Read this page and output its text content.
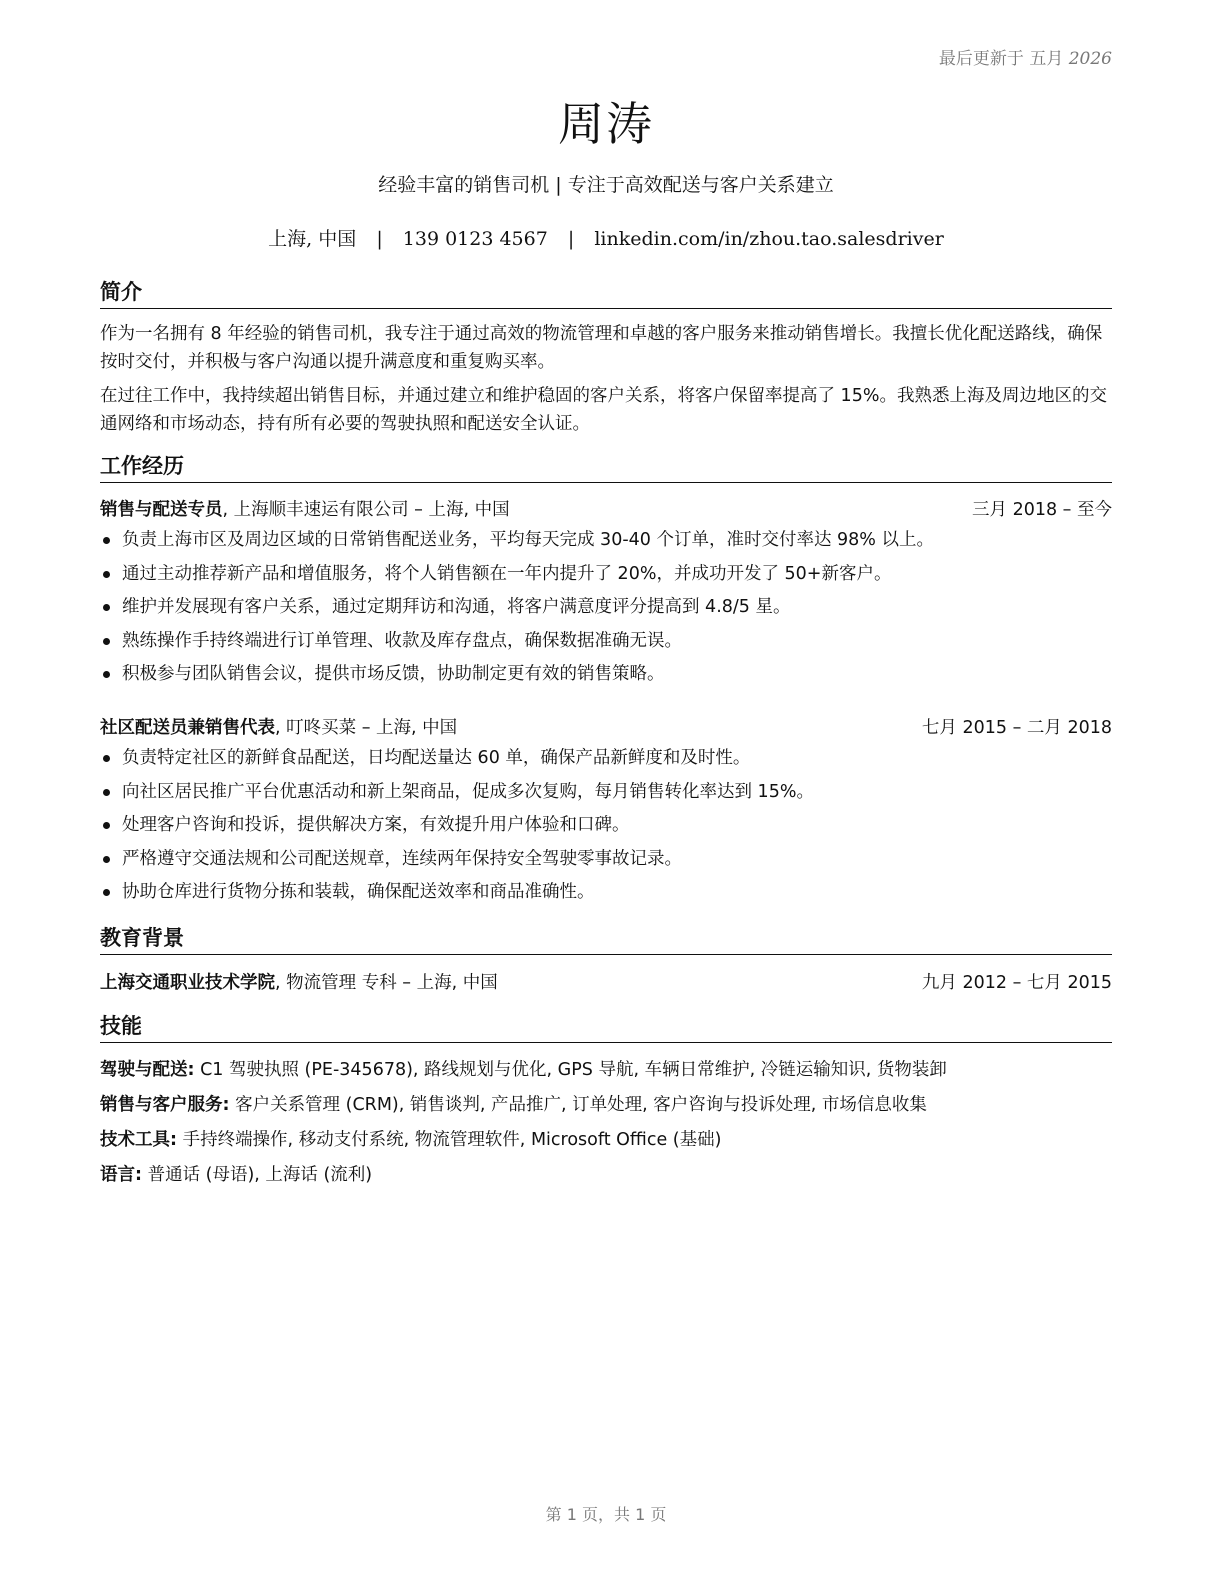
最后更新于 五月 2026
周涛
经验丰富的销售司机 | 专注于高效配送与客户关系建立
上海, 中国 | 139 0123 4567 | linkedin.com/in/zhou.tao.salesdriver
简介
作为一名拥有 8 年经验的销售司机，我专注于通过高效的物流管理和卓越的客户服务来推动销售增长。我擅长优化配送路线，确保按时交付，并积极与客户沟通以提升满意度和重复购买率。
在过往工作中，我持续超出销售目标，并通过建立和维护稳固的客户关系，将客户保留率提高了 15%。我熟悉上海及周边地区的交通网络和市场动态，持有所有必要的驾驶执照和配送安全认证。
工作经历
销售与配送专员, 上海顺丰速运有限公司 – 上海, 中国	三月 2018 – 至今
负责上海市区及周边区域的日常销售配送业务，平均每天完成 30-40 个订单，准时交付率达 98% 以上。
通过主动推荐新产品和增值服务，将个人销售额在一年内提升了 20%，并成功开发了 50+新客户。
维护并发展现有客户关系，通过定期拜访和沟通，将客户满意度评分提高到 4.8/5 星。
熟练操作手持终端进行订单管理、收款及库存盘点，确保数据准确无误。
积极参与团队销售会议，提供市场反馈，协助制定更有效的销售策略。
社区配送员兼销售代表, 叮咚买菜 – 上海, 中国	七月 2015 – 二月 2018
负责特定社区的新鲜食品配送，日均配送量达 60 单，确保产品新鲜度和及时性。
向社区居民推广平台优惠活动和新上架商品，促成多次复购，每月销售转化率达到 15%。
处理客户咨询和投诉，提供解决方案，有效提升用户体验和口碑。
严格遵守交通法规和公司配送规章，连续两年保持安全驾驶零事故记录。
协助仓库进行货物分拣和装载，确保配送效率和商品准确性。
教育背景
上海交通职业技术学院, 物流管理 专科 – 上海, 中国	九月 2012 – 七月 2015
技能
驾驶与配送: C1 驾驶执照 (PE-345678), 路线规划与优化, GPS 导航, 车辆日常维护, 冷链运输知识, 货物装卸
销售与客户服务: 客户关系管理 (CRM), 销售谈判, 产品推广, 订单处理, 客户咨询与投诉处理, 市场信息收集
技术工具: 手持终端操作, 移动支付系统, 物流管理软件, Microsoft Office (基础)
语言: 普通话 (母语), 上海话 (流利)
第 1 页，共 1 页
